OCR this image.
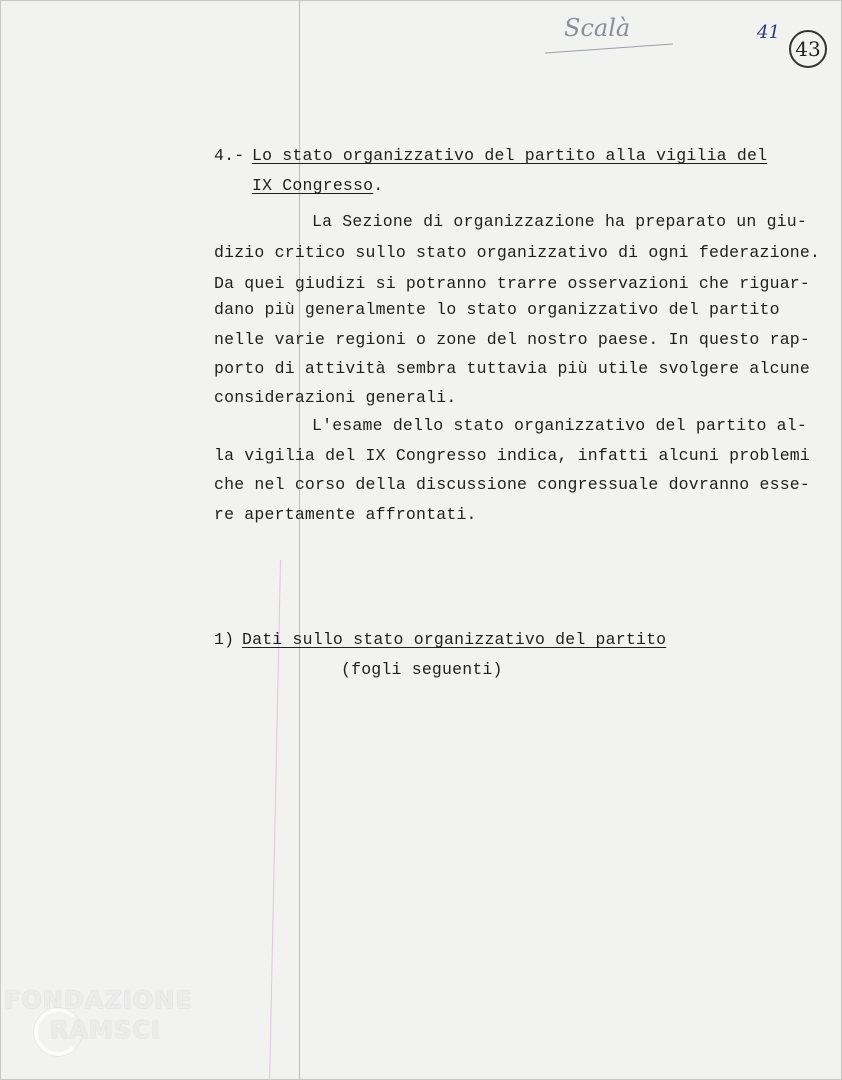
Scalà	41
43
4.- Lo stato organizzativo del partito alla vigilia del
IX Congresso.
La Sezione di organizzazione ha preparato un giu-
dizio critico sullo stato organizzativo di ogni federazione.
Da quei giudizi si potranno trarre osservazioni che riguar-
dano più generalmente lo stato organizzativo del partito
nelle varie regioni o zone del nostro paese. In questo rap-
porto di attività sembra tuttavia più utile svolgere alcune
considerazioni generali.
L'esame dello stato organizzativo del partito al-
la vigilia del IX Congresso indica, infatti alcuni problemi
che nel corso della discussione congressuale dovranno esse-
re apertamente affrontati.
1) Dati sullo stato organizzativo del partito
(fogli seguenti)
FONDAZIONE
RAMSCI
